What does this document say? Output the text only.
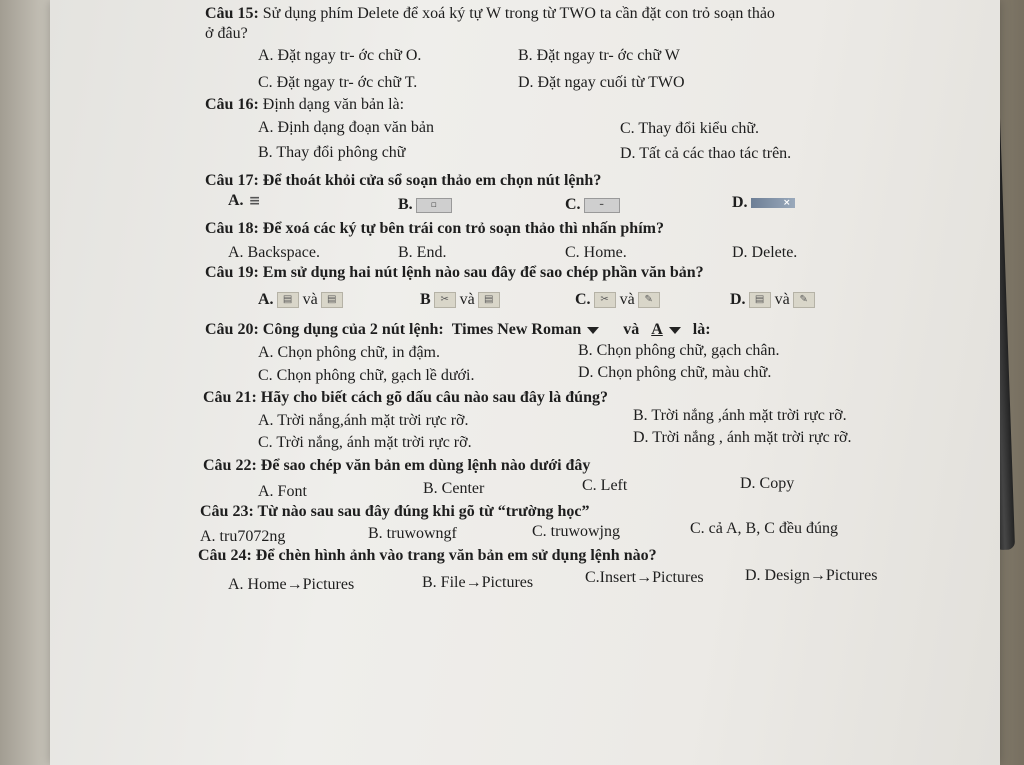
Câu 15: Sử dụng phím Delete để xoá ký tự W trong từ TWO ta cần đặt con trỏ soạn thảo

ở đâu?

A. Đặt ngay tr- ớc chữ O.	B. Đặt ngay tr- ớc chữ W

C. Đặt ngay tr- ớc chữ T.	D. Đặt ngay cuối từ TWO

Câu 16: Định dạng văn bản là:

A. Định dạng đoạn văn bản	C. Thay đổi kiểu chữ.

B. Thay đổi phông chữ	D. Tất cả các thao tác trên.

Câu 17: Để thoát khỏi cửa sổ soạn thảo em chọn nút lệnh?

A. ≡	B. ▫	C. –	D.	×

Câu 18: Để xoá các ký tự bên trái con trỏ soạn thảo thì nhấn phím?

A. Backspace.	B. End.	C. Home.	D. Delete.

Câu 19: Em sử dụng hai nút lệnh nào sau đây để sao chép phần văn bản?

A. ▤ và ▤	B ✂ và ▤	C. ✂ và ✎	D. ▤ và ✎

Câu 20: Công dụng của 2 nút lệnh: Times New Roman	và A là:

A. Chọn phông chữ, in đậm.	B. Chọn phông chữ, gạch chân.

C. Chọn phông chữ, gạch lề dưới.	D. Chọn phông chữ, màu chữ.

Câu 21: Hãy cho biết cách gõ dấu câu nào sau đây là đúng?

A. Trời nắng,ánh mặt trời rực rỡ.	B. Trời nắng ,ánh mặt trời rực rỡ.

C. Trời nắng, ánh mặt trời rực rỡ.	D. Trời nắng , ánh mặt trời rực rỡ.

Câu 22: Để sao chép văn bản em dùng lệnh nào dưới đây

A. Font	B. Center	C. Left	D. Copy

Câu 23: Từ nào sau sau đây đúng khi gõ từ “trường học”

A. tru7072ng	B. truwowngf	C. truwowjng	C. cả A, B, C đều đúng

Câu 24: Để chèn hình ảnh vào trang văn bản em sử dụng lệnh nào?

A. Home→Pictures	B. File→Pictures	C.Insert→Pictures	D. Design→Pictures
